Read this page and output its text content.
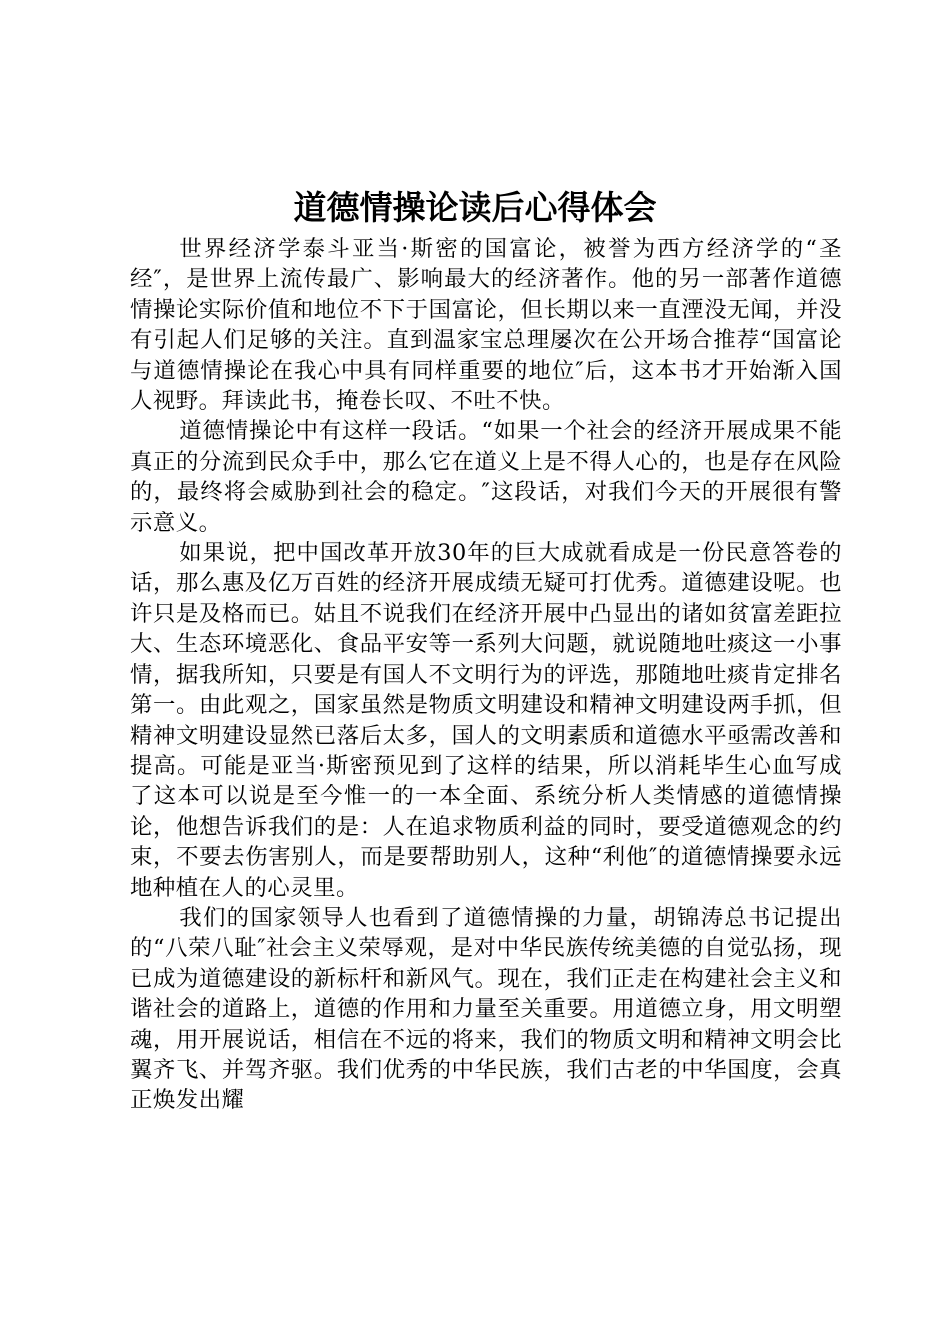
道德情操论读后心得体会

世界经济学泰斗亚当·斯密的国富论，被誉为西方经济学的“圣经″，是世界上流传最广、影响最大的经济著作。他的另一部著作道德情操论实际价值和地位不下于国富论，但长期以来一直湮没无闻，并没有引起人们足够的关注。直到温家宝总理屡次在公开场合推荐“国富论与道德情操论在我心中具有同样重要的地位″后，这本书才开始渐入国人视野。拜读此书，掩卷长叹、不吐不快。

道德情操论中有这样一段话。“如果一个社会的经济开展成果不能真正的分流到民众手中，那么它在道义上是不得人心的，也是存在风险的，最终将会威胁到社会的稳定。″这段话，对我们今天的开展很有警示意义。

如果说，把中国改革开放30年的巨大成就看成是一份民意答卷的话，那么惠及亿万百姓的经济开展成绩无疑可打优秀。道德建设呢。也许只是及格而已。姑且不说我们在经济开展中凸显出的诸如贫富差距拉大、生态环境恶化、食品平安等一系列大问题，就说随地吐痰这一小事情，据我所知，只要是有国人不文明行为的评选，那随地吐痰肯定排名第一。由此观之，国家虽然是物质文明建设和精神文明建设两手抓，但精神文明建设显然已落后太多，国人的文明素质和道德水平亟需改善和提高。可能是亚当·斯密预见到了这样的结果，所以消耗毕生心血写成了这本可以说是至今惟一的一本全面、系统分析人类情感的道德情操论，他想告诉我们的是：人在追求物质利益的同时，要受道德观念的约束，不要去伤害别人，而是要帮助别人，这种“利他″的道德情操要永远地种植在人的心灵里。

我们的国家领导人也看到了道德情操的力量，胡锦涛总书记提出的“八荣八耻″社会主义荣辱观，是对中华民族传统美德的自觉弘扬，现已成为道德建设的新标杆和新风气。现在，我们正走在构建社会主义和谐社会的道路上，道德的作用和力量至关重要。用道德立身，用文明塑魂，用开展说话，相信在不远的将来，我们的物质文明和精神文明会比翼齐飞、并驾齐驱。我们优秀的中华民族，我们古老的中华国度，会真正焕发出耀
